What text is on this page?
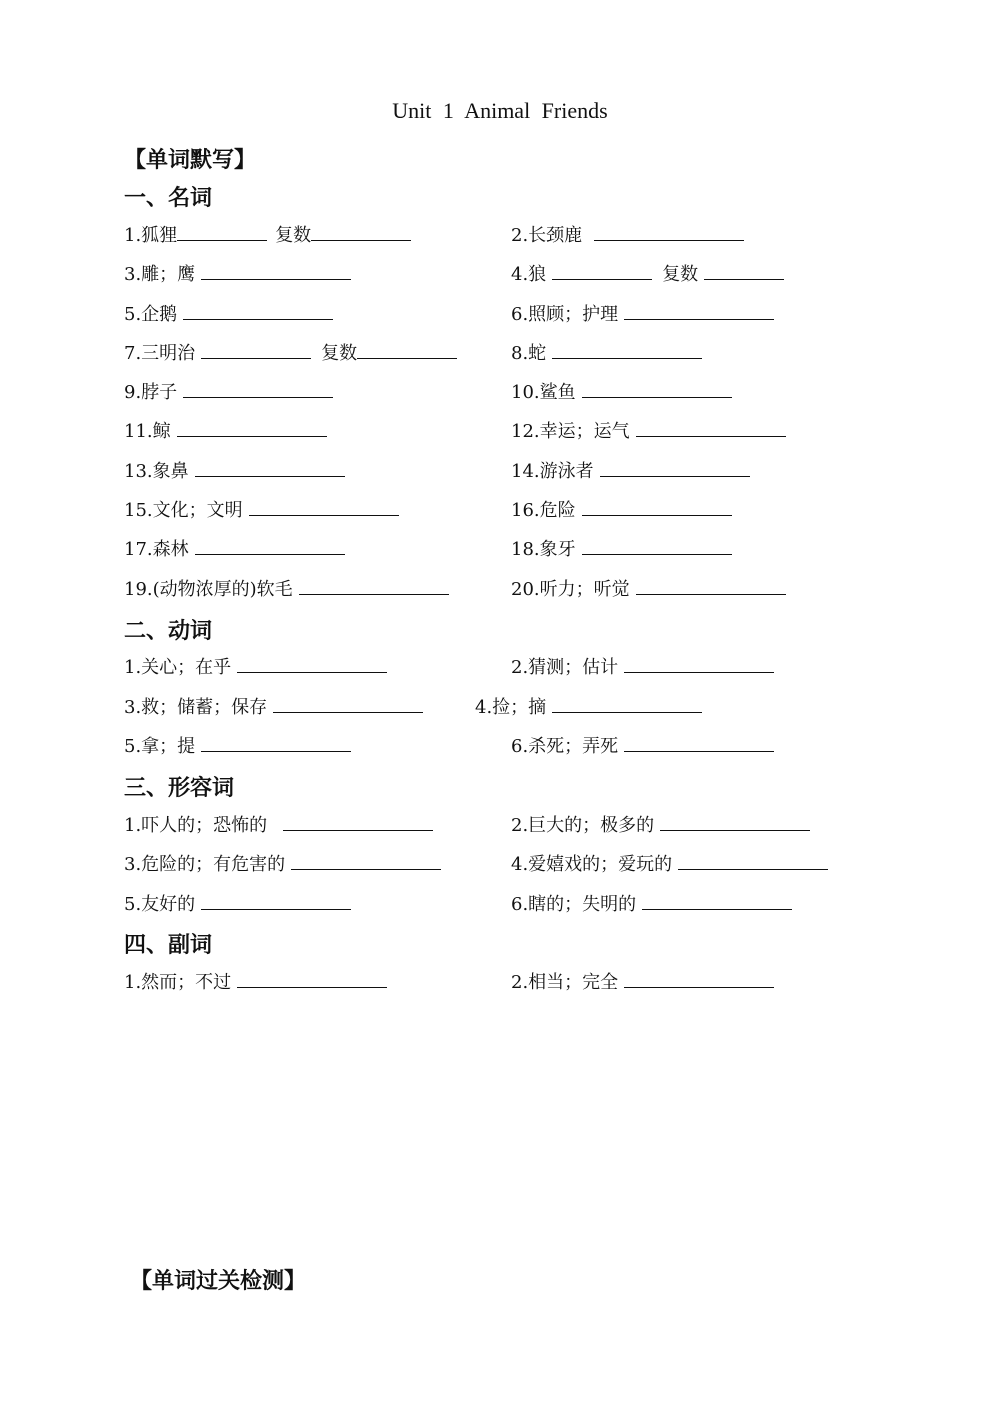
Unit 1 Animal Friends
【单词默写】
一、名词
1.狐狸	复数	2.长颈鹿
3.雕；鹰	4.狼	复数
5.企鹅	6.照顾；护理
7.三明治	复数	8.蛇
9.脖子	10.鲨鱼
11.鲸	12.幸运；运气
13.象鼻	14.游泳者
15.文化；文明	16.危险
17.森林	18.象牙
19.(动物浓厚的)软毛	20.听力；听觉
二、动词
1.关心；在乎	2.猜测；估计
3.救；储蓄；保存	4.捡；摘
5.拿；提	6.杀死；弄死
三、形容词
1.吓人的；恐怖的	2.巨大的；极多的
3.危险的；有危害的	4.爱嬉戏的；爱玩的
5.友好的	6.瞎的；失明的
四、副词
1.然而；不过	2.相当；完全
【单词过关检测】
